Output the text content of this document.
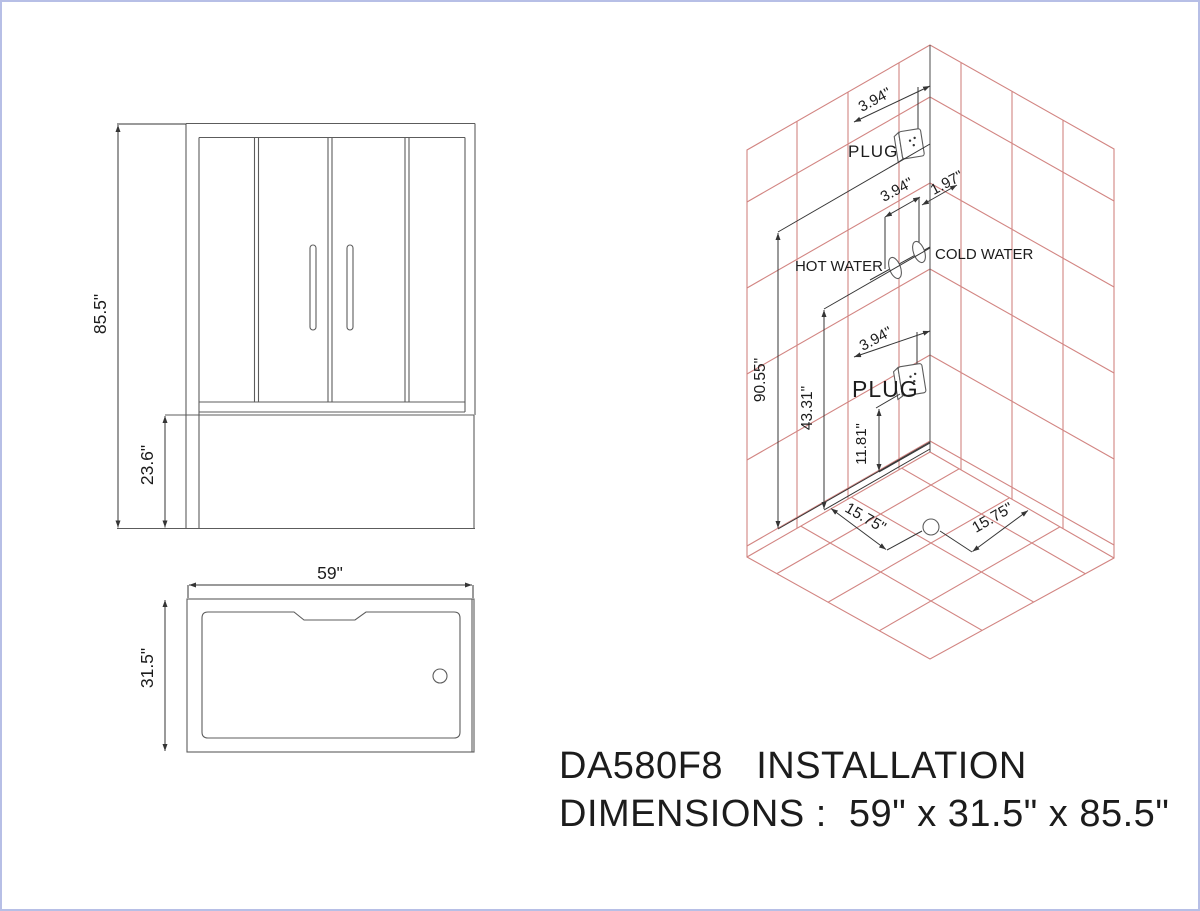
85.5"
23.6"
59"
31.5"
3.94"
PLUG
3.94" 1.97"
HOT WATER
COLD WATER
90.55"
43.31"
3.94"
PLUG
11.81"
15.75"	15.75"
DA580F8   INSTALLATION
DIMENSIONS :  59" x 31.5" x 85.5"
